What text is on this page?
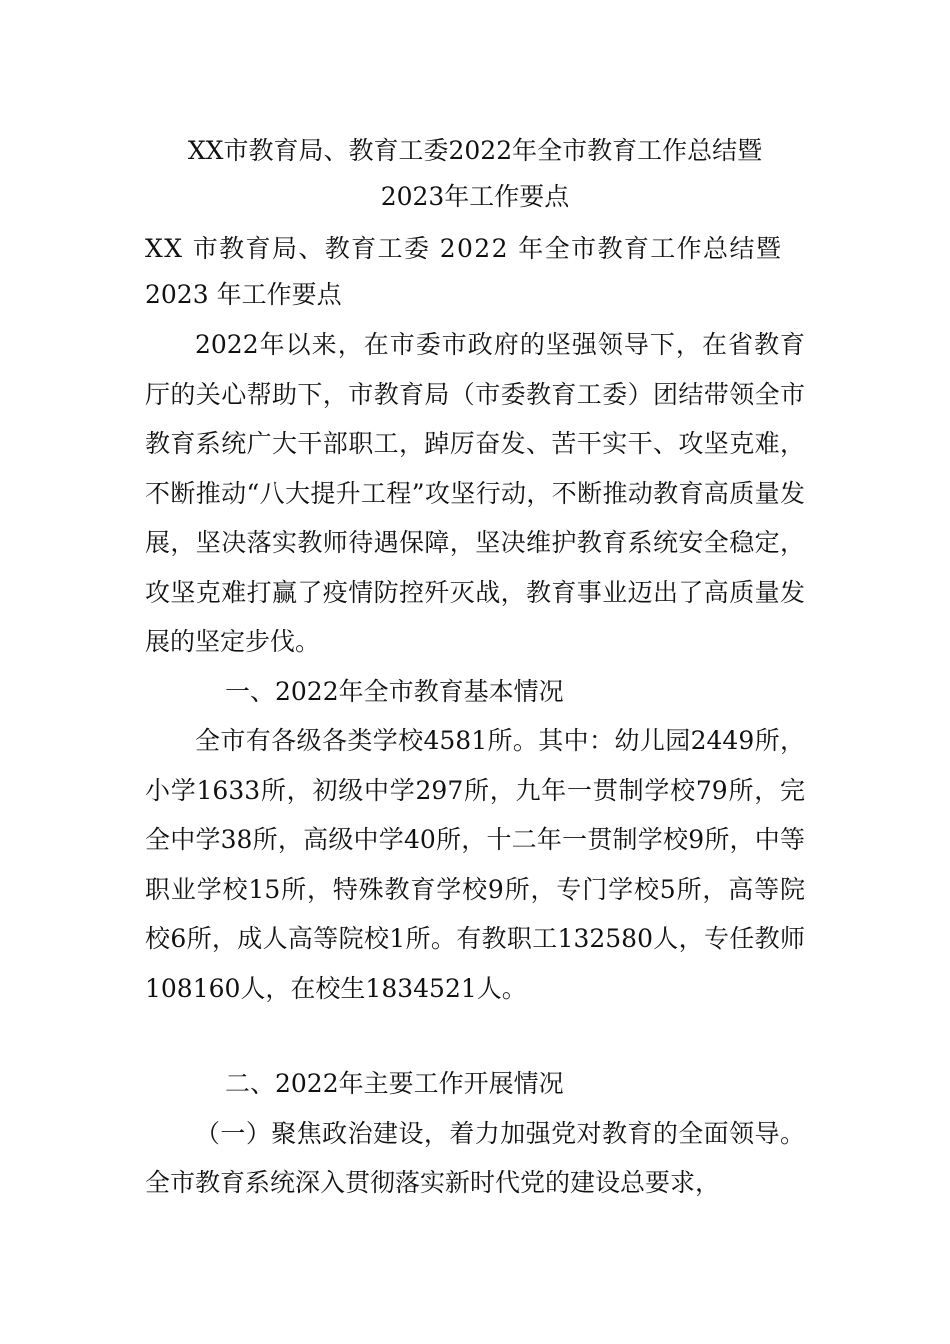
XX市教育局、教育工委2022年全市教育工作总结暨
2023年工作要点
XX 市教育局、教育工委 2022 年全市教育工作总结暨
2023 年工作要点

2022年以来，在市委市政府的坚强领导下，在省教育厅的关心帮助下，市教育局（市委教育工委）团结带领全市教育系统广大干部职工，踔厉奋发、苦干实干、攻坚克难，不断推动“八大提升工程”攻坚行动，不断推动教育高质量发展，坚决落实教师待遇保障，坚决维护教育系统安全稳定，攻坚克难打赢了疫情防控歼灭战，教育事业迈出了高质量发展的坚定步伐。

一、2022年全市教育基本情况

全市有各级各类学校4581所。其中：幼儿园2449所，小学1633所，初级中学297所，九年一贯制学校79所，完全中学38所，高级中学40所，十二年一贯制学校9所，中等职业学校15所，特殊教育学校9所，专门学校5所，高等院校6所，成人高等院校1所。有教职工132580人，专任教师108160人，在校生1834521人。

二、2022年主要工作开展情况

（一）聚焦政治建设，着力加强党对教育的全面领导。全市教育系统深入贯彻落实新时代党的建设总要求，
